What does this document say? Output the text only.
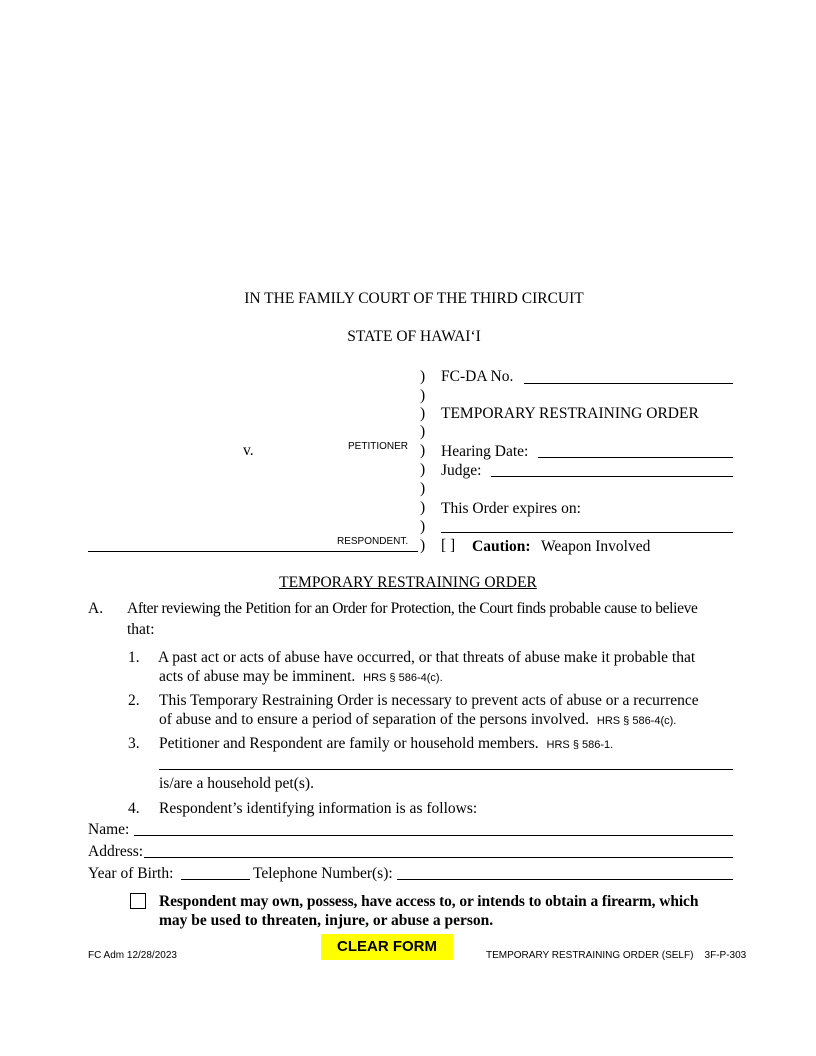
IN THE FAMILY COURT OF THE THIRD CIRCUIT
STATE OF HAWAI‘I
)
)
)
)
)
)
)
)
)
)
v.	PETITIONER
RESPONDENT.
FC-DA No.
TEMPORARY RESTRAINING ORDER
Hearing Date:
Judge:
This Order expires on:
[ ] Caution: Weapon Involved
TEMPORARY RESTRAINING ORDER
A. After reviewing the Petition for an Order for Protection, the Court finds probable cause to believe
that:
1. A past act or acts of abuse have occurred, or that threats of abuse make it probable that
acts of abuse may be imminent. HRS § 586-4(c).
2. This Temporary Restraining Order is necessary to prevent acts of abuse or a recurrence
of abuse and to ensure a period of separation of the persons involved. HRS § 586-4(c).
3. Petitioner and Respondent are family or household members. HRS § 586-1.
is/are a household pet(s).
4. Respondent’s identifying information is as follows:
Name:
Address:
Year of Birth:	Telephone Number(s):
Respondent may own, possess, have access to, or intends to obtain a firearm, which
may be used to threaten, injure, or abuse a person.
FC Adm 12/28/2023
CLEAR FORM
TEMPORARY RESTRAINING ORDER (SELF)    3F-P-303
